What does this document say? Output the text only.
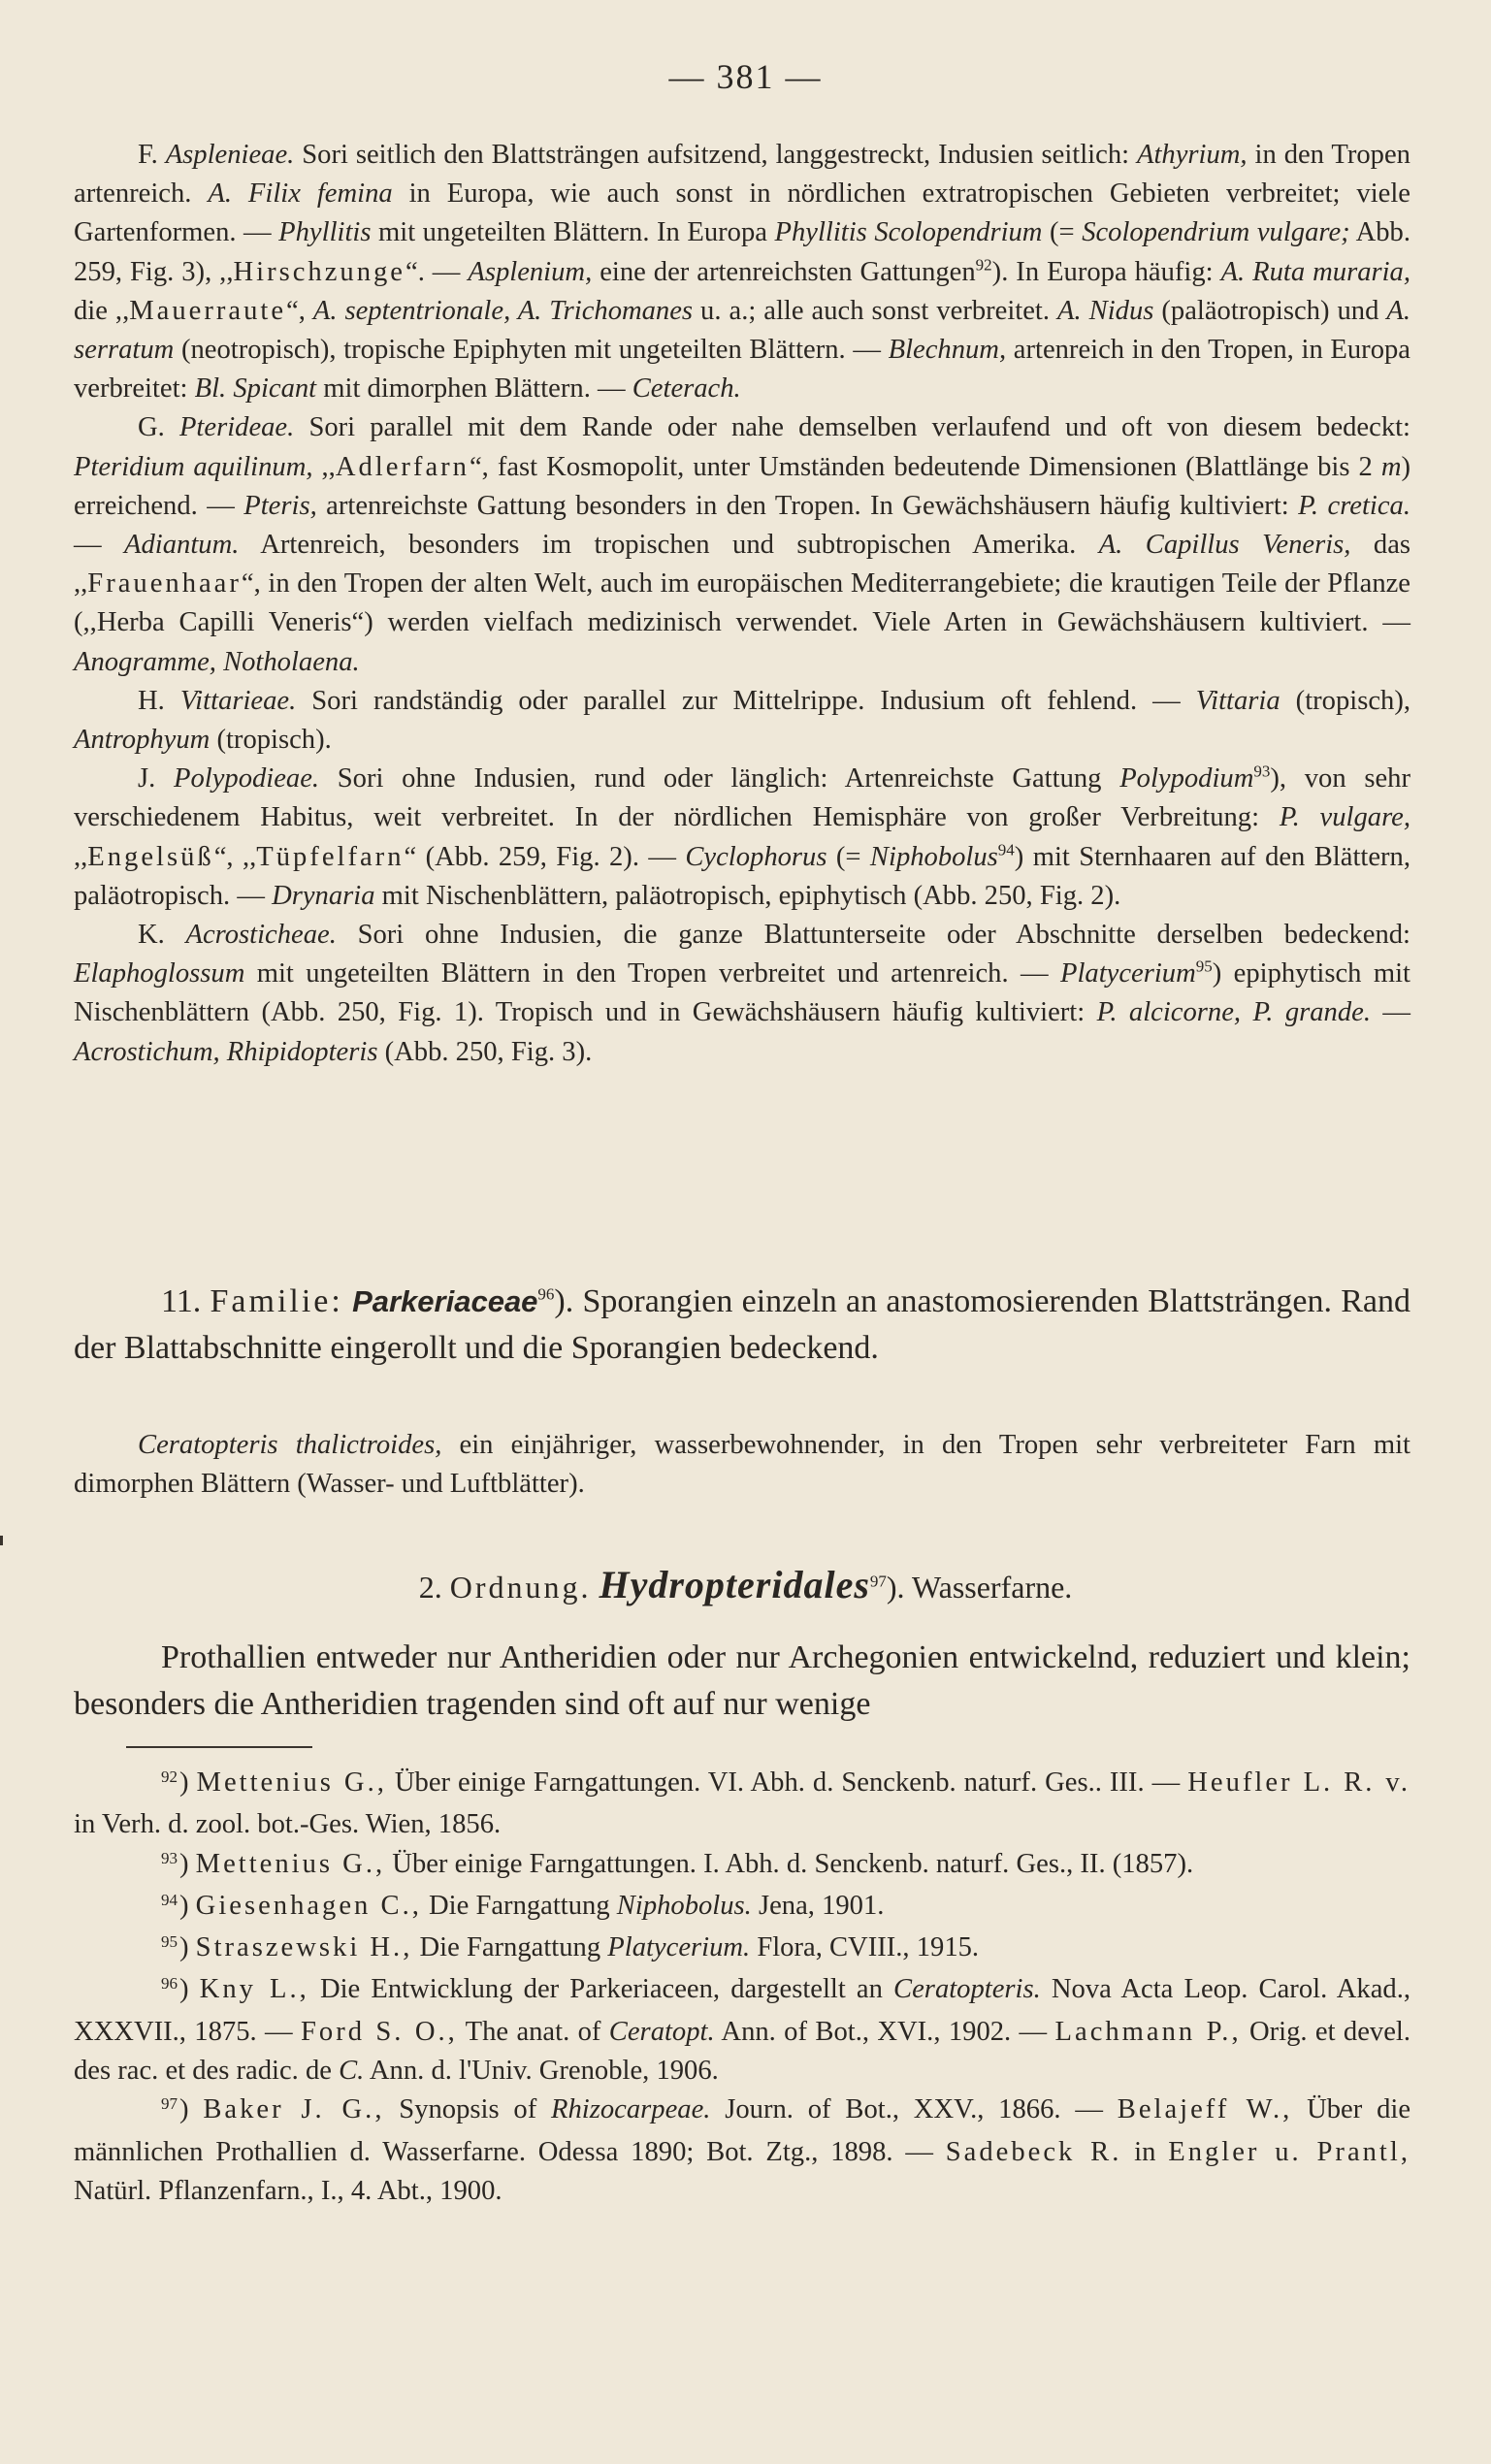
— 381 —

F. Asplenieae. Sori seitlich den Blattsträngen aufsitzend, langgestreckt, Indusien seitlich: Athyrium, in den Tropen artenreich. A. Filix femina in Europa, wie auch sonst in nördlichen extratropischen Gebieten verbreitet; viele Gartenformen. — Phyllitis mit ungeteilten Blättern. In Europa Phyllitis Scolopendrium (= Scolopendrium vulgare; Abb. 259, Fig. 3), ,,Hirschzunge“. — Asplenium, eine der artenreichsten Gattungen$^{92}$). In Europa häufig: A. Ruta muraria, die ,,Mauerraute“, A. septentrionale, A. Trichomanes u. a.; alle auch sonst verbreitet. A. Nidus (paläotropisch) und A. serratum (neotropisch), tropische Epiphyten mit ungeteilten Blättern. — Blechnum, artenreich in den Tropen, in Europa verbreitet: Bl. Spicant mit dimorphen Blättern. — Ceterach.

G. Pterideae. Sori parallel mit dem Rande oder nahe demselben verlaufend und oft von diesem bedeckt: Pteridium aquilinum, ,,Adlerfarn“, fast Kosmopolit, unter Umständen bedeutende Dimensionen (Blattlänge bis 2 m) erreichend. — Pteris, artenreichste Gattung besonders in den Tropen. In Gewächshäusern häufig kultiviert: P. cretica. — Adiantum. Artenreich, besonders im tropischen und subtropischen Amerika. A. Capillus Veneris, das ,,Frauenhaar“, in den Tropen der alten Welt, auch im europäischen Mediterrangebiete; die krautigen Teile der Pflanze (,,Herba Capilli Veneris“) werden vielfach medizinisch verwendet. Viele Arten in Gewächshäusern kultiviert. — Anogramme, Notholaena.

H. Vittarieae. Sori randständig oder parallel zur Mittelrippe. Indusium oft fehlend. — Vittaria (tropisch), Antrophyum (tropisch).

J. Polypodieae. Sori ohne Indusien, rund oder länglich: Artenreichste Gattung Polypodium$^{93}$), von sehr verschiedenem Habitus, weit verbreitet. In der nördlichen Hemisphäre von großer Verbreitung: P. vulgare, ,,Engelsüß“, ,,Tüpfelfarn“ (Abb. 259, Fig. 2). — Cyclophorus (= Niphobolus$^{94}$) mit Sternhaaren auf den Blättern, paläotropisch. — Drynaria mit Nischenblättern, paläotropisch, epiphytisch (Abb. 250, Fig. 2).

K. Acrosticheae. Sori ohne Indusien, die ganze Blattunterseite oder Abschnitte derselben bedeckend: Elaphoglossum mit ungeteilten Blättern in den Tropen verbreitet und artenreich. — Platycerium$^{95}$) epiphytisch mit Nischenblättern (Abb. 250, Fig. 1). Tropisch und in Gewächshäusern häufig kultiviert: P. alcicorne, P. grande. — Acrostichum, Rhipidopteris (Abb. 250, Fig. 3).

11. Familie: Parkeriaceae$^{96}$). Sporangien einzeln an anastomosierenden Blattsträngen. Rand der Blattabschnitte eingerollt und die Sporangien bedeckend.

Ceratopteris thalictroides, ein einjähriger, wasserbewohnender, in den Tropen sehr verbreiteter Farn mit dimorphen Blättern (Wasser- und Luftblätter).

2. Ordnung. Hydropteridales$^{97}$). Wasserfarne.

Prothallien entweder nur Antheridien oder nur Archegonien entwickelnd, reduziert und klein; besonders die Antheridien tragenden sind oft auf nur wenige

$^{92}$) Mettenius G., Über einige Farngattungen. VI. Abh. d. Senckenb. naturf. Ges.. III. — Heufler L. R. v. in Verh. d. zool. bot.-Ges. Wien, 1856.

$^{93}$) Mettenius G., Über einige Farngattungen. I. Abh. d. Senckenb. naturf. Ges., II. (1857).

$^{94}$) Giesenhagen C., Die Farngattung Niphobolus. Jena, 1901.

$^{95}$) Straszewski H., Die Farngattung Platycerium. Flora, CVIII., 1915.

$^{96}$) Kny L., Die Entwicklung der Parkeriaceen, dargestellt an Ceratopteris. Nova Acta Leop. Carol. Akad., XXXVII., 1875. — Ford S. O., The anat. of Ceratopt. Ann. of Bot., XVI., 1902. — Lachmann P., Orig. et devel. des rac. et des radic. de C. Ann. d. l'Univ. Grenoble, 1906.

$^{97}$) Baker J. G., Synopsis of Rhizocarpeae. Journ. of Bot., XXV., 1866. — Belajeff W., Über die männlichen Prothallien d. Wasserfarne. Odessa 1890; Bot. Ztg., 1898. — Sadebeck R. in Engler u. Prantl, Natürl. Pflanzenfarn., I., 4. Abt., 1900.
